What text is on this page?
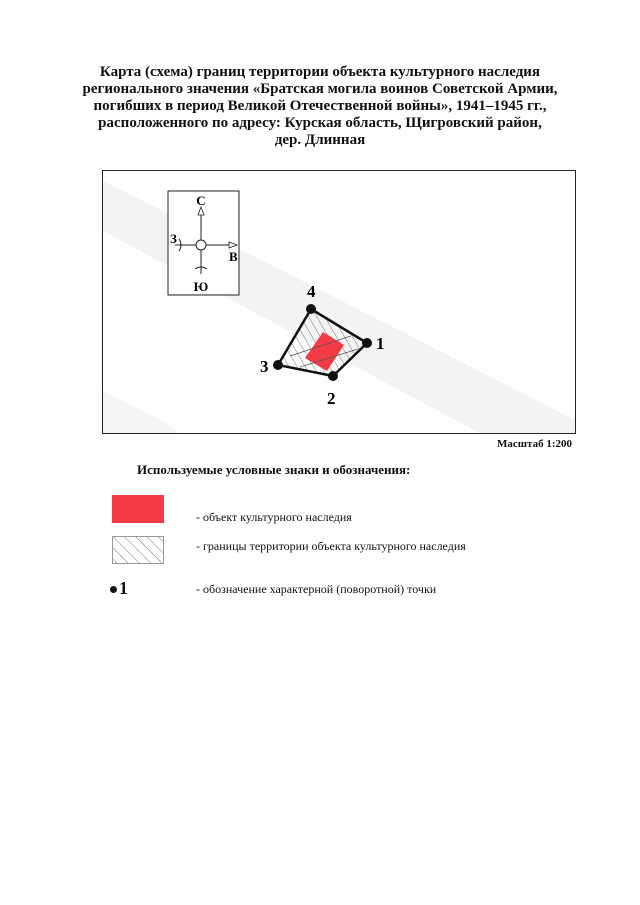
Карта (схема) границ территории объекта культурного наследия
регионального значения «Братская могила воинов Советской Армии,
погибших в период Великой Отечественной войны», 1941–1945 гг.,
расположенного по адресу: Курская область, Щигровский район,
дер. Длинная
С
Ю
З
В
1
2
3
4
Масштаб 1:200
Используемые условные знаки и обозначения:
- объект культурного наследия
- границы территории объекта культурного наследия
1	- обозначение характерной (поворотной) точки
